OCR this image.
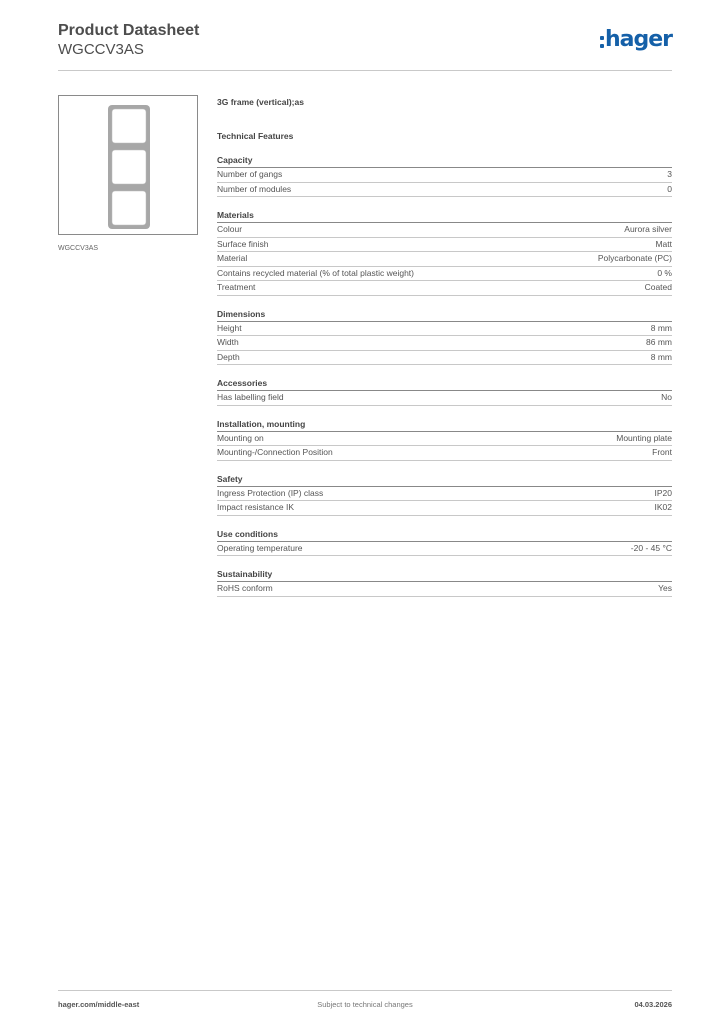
Product Datasheet
WGCCV3AS	hager
WGCCV3AS
3G frame (vertical);as
Technical Features
Capacity
Number of gangs	3
Number of modules	0
Materials
Colour	Aurora silver
Surface finish	Matt
Material	Polycarbonate (PC)
Contains recycled material (% of total plastic weight)	0 %
Treatment	Coated
Dimensions
Height	8 mm
Width	86 mm
Depth	8 mm
Accessories
Has labelling field	No
Installation, mounting
Mounting on	Mounting plate
Mounting-/Connection Position	Front
Safety
Ingress Protection (IP) class	IP20
Impact resistance IK	IK02
Use conditions
Operating temperature	-20 - 45 °C
Sustainability
RoHS conform	Yes
hager.com/middle-east	Subject to technical changes	04.03.2026
